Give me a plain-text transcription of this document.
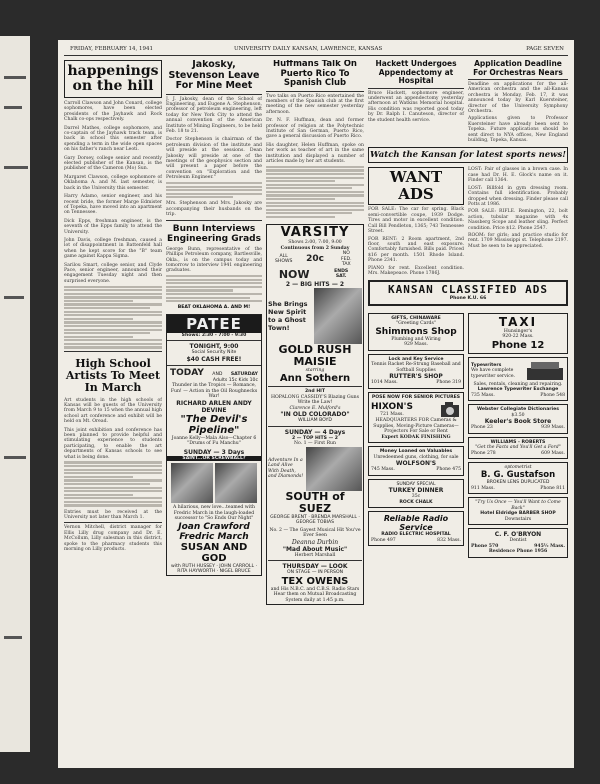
FRIDAY, FEBRUARY 14, 1941	UNIVERSITY DAILY KANSAN, LAWRENCE, KANSAS	PAGE SEVEN
happenings on the hill
Carroll Clawson and John Conard, college sophomores, have been elected presidents of the Jayhawk and Rock Chalk co-ops respectively.
Darrel Mathes, college sophomore, and co-captain of the Jayhawk track team, is back in school this semester after spending a term in the wide open spaces on his father's ranch near Leoti.
Gary Dorsey, college senior and recently elected publisher of the Kansan, is the publisher of the Cameron (Mo) Sun.
Margaret Clawson, college sophomore of Oklahoma A. and M. last semester, is back in the University this semester.
Harry Adamo, senior engineer, and his recent bride, the former Marge Edmister of Topeka, have moved into an apartment on Tennessee.
Dick Epps, freshman engineer, is the seventh of the Epps family to attend the University.
John Davis, college freshman, caused a lot of disappointment in Battenfeld hall when he kept score for the "B" team game against Kappa Sigma.
Sarilou Smart, college senior, and Clyde Pace, senior engineer, announced their engagement Tuesday night and then surprised everyone.
High School Artists To Meet In March
Art students in the high schools of Kansas will be guests of the University from March 9 to 15 when the annual high school art conference and exhibit will be held on Mt. Oread.
This joint exhibition and conference has been planned to provide helpful and stimulating experience to students participating, to enable the art departments of Kansas schools to see what is being done.
Entries must be received at the University not later than March 1.
Vernon Mitchell, district manager for Ellis Lilly drug company and Dr. E. McCollum, Lilly salesman in this district, spoke to the pharmacy students this morning on Lilly products.
Jakosky, Stevenson Leave For Mine Meet
J. J. Jakosky, dean of the School of Engineering, and Eugene A. Stephenson, professor of petroleum engineering, left today for New York City to attend the annual convention of the American Institute of Mining Engineers, to be held Feb. 18 to 21.
Doctor Stephenson is chairman of the petroleum division of the institute and will preside at the sessions. Dean Jakosky will preside at one of the meetings of the geophysics section and will present a paper before the convention on "Exploration and the Petroleum Engineer."
Mrs. Stephenson and Mrs. Jakosky are accompanying their husbands on the trip.
Bunn Interviews Engineering Grads
George Bunn, representative of the Phillips Petroleum company, Bartlesville, Okla., is on the campus today and tomorrow to interview 1941 engineering graduates.
BEAT OKLAHOMA A. AND M!
PATEE
Shows: 2:30 - 7:00 - 9:30
TONIGHT, 9:00
Social Security Nite
$40 CASH FREE!
TODAY AND SATURDAY
Adults 15c Kids 10c
Thunder in the Tropics — Romance, Fun! — Action in the Oil Roughnecks War!
RICHARD ARLEN ANDY DEVINE
"The Devil's Pipeline"
Joanne Kelly—Mala Also—Chapter 6 "Drums of Fu Manchu"
SUNDAY — 3 Days
SAINT...OR SCREWBALL?
A hilarious, new love...teamed with Fredric March in the laugh-loaded successor to "So Ends Our Night"
Joan Crawford Fredric March
SUSAN AND GOD
with RUTH HUSSEY · JOHN CARROLL · RITA HAYWORTH · NIGEL BRUCE
Huffmans Talk On Puerto Rico To Spanish Club
Two talks on Puerto Rico entertained the members of the Spanish club at the first meeting of the new semester yesterday afternoon.
Dr. N. F. Huffman, dean and former professor of religion at the Polytechnic Institute of San German, Puerto Rico, gave a general discussion of Puerto Rico.
His daughter, Helen Huffman, spoke on her work as teacher of art in the same institution and displayed a number of articles made by her art students.
VARSITY
Shows 2:00, 7:00, 9:00
Continuous from 2 Sunday
ALL SHOWS 20c
NO FED. TAX
NOW	ENDS SAT.
2 — BIG HITS — 2
She Brings New Spirit to a Ghost Town!
GOLD RUSH MAISIE
starring
Ann Sothern
2nd HIT
HOPALONG CASSIDY'S Blazing Guns Write the Law!
Clarence E. Mulford's
"IN OLD COLORADO"
WILLIAM BOYD
SUNDAY — 4 Days
2 — TOP HITS — 2
No. 1 — First Run
Adventure In a Land Alive With Death, and Diamonds!
SOUTH of SUEZ
GEORGE BRENT · BRENDA MARSHALL · GEORGE TOBIAS
No. 2 — The Gayest Musical Hit You've Ever Seen
Deanna Durbin
"Mad About Music"
Herbert Marshall
THURSDAY — LOOK
ON STAGE — IN PERSON
TEX OWENS
and His N.B.C. and C.B.S. Radio Stars
Hear them on Mutual Broadcasting System daily at 1:45 p.m.
Hackett Undergoes Appendectomy at Hospital
Bruce Hackett, sophomore engineer, underwent an appendectomy yesterday afternoon at Watkins Memorial hospital. His condition was reported good today by Dr. Ralph I. Canuteson, director of the student health service.
Application Deadline For Orchestras Nears
Deadline on applications for the all-American orchestra and the all-Kansas orchestra is Monday, Feb. 17, it was announced today by Karl Kuersteiner, director of the University Symphony Orchestra.
Applications given to Professor Kuersteiner have already been sent to Topeka. Future applications should be sent direct to NYA offices, New England building, Topeka, Kansas.
Watch the Kansan for latest sports news!
WANT ADS
FOR SALE: The car for spring. Black semi-convertible coupe, 1939 Dodge. Tires and motor in excellent condition. Call Bill Pendleton, 1365; 743 Tennessee Street.
FOR RENT: 2 Room apartment, 2nd floor, south and east exposure. Comfortably furnished. Bills paid. Priced $16 per month. 1501 Rhode Island. Phone 2341.
PIANO for rent. Excellent condition. Mrs. Makepeace. Phone 1786J.
LOST: Pair of glasses in a brown case. In case had Dr. H. E. Glock's name on it. Finder call 1364.
LOST: Billfold in gym dressing room. Contains full identification. Probably dropped when dressing. Finder please call Potts at 1986.
FOR SALE: RIFLE. Remington, 22, bolt action, tubular magazine with 4x Nassberg Scope and leather sling. Perfect condition. Price $12. Phone 2547.
ROOM: for girls; and practice studio for rent. 1709 Mississippi st. Telephone 2197. Must be seen to be appreciated.
KANSAN CLASSIFIED ADS
Phone K.U. 66
GIFTS, CHINAWARE
"Greeting Cards"
Shimmons Shop
Plumbing and Wiring
929 Mass.
Lock and Key Service
Tennis Racket Re-Strung Baseball and Softball Supplies
RUTTER'S SHOP
1014 Mass.	Phone 319
POSE NOW FOR SENIOR PICTURES
HIXON'S
721 Mass.
HEADQUARTERS FOR Cameras & Supplies, Moving-Picture Cameras—Projectors For Sale or Rent
Expert KODAK FINISHING
Money Loaned on Valuables
Unredeemed guns, clothing, for sale
WOLFSON'S
745 Mass.	Phone 475
SUNDAY SPECIAL
TURKEY DINNER
35c
ROCK CHALK
Reliable Radio Service
RADIO ELECTRIC HOSPITAL
Phone 497	832 Mass.
TAXI
Hunsinger's
920-22 Mass.
Phone 12
Typewriters
We have complete typewriter service.
Sales, rentals, cleaning and repairing.
Lawrence Typewriter Exchange
735 Mass.	Phone 548
Webster Collegiate Dictionaries
$3.50
Keeler's Book Store
Phone 23	939 Mass.
WILLIAMS - ROBERTS
"Get the Facts and You'll Get a Ford"
Phone 278	609 Mass.
optometrist
B. G. Gustafson
BROKEN LENS DUPLICATED
911 Mass.	Phone 811
"Try Us Once — You'll Want to Come Back"
Hotel Eldridge BARBER SHOP
Downstairs
C. F. O'BRYON
Dentist
Phone 570	945½ Mass.
Residence Phone 1956
